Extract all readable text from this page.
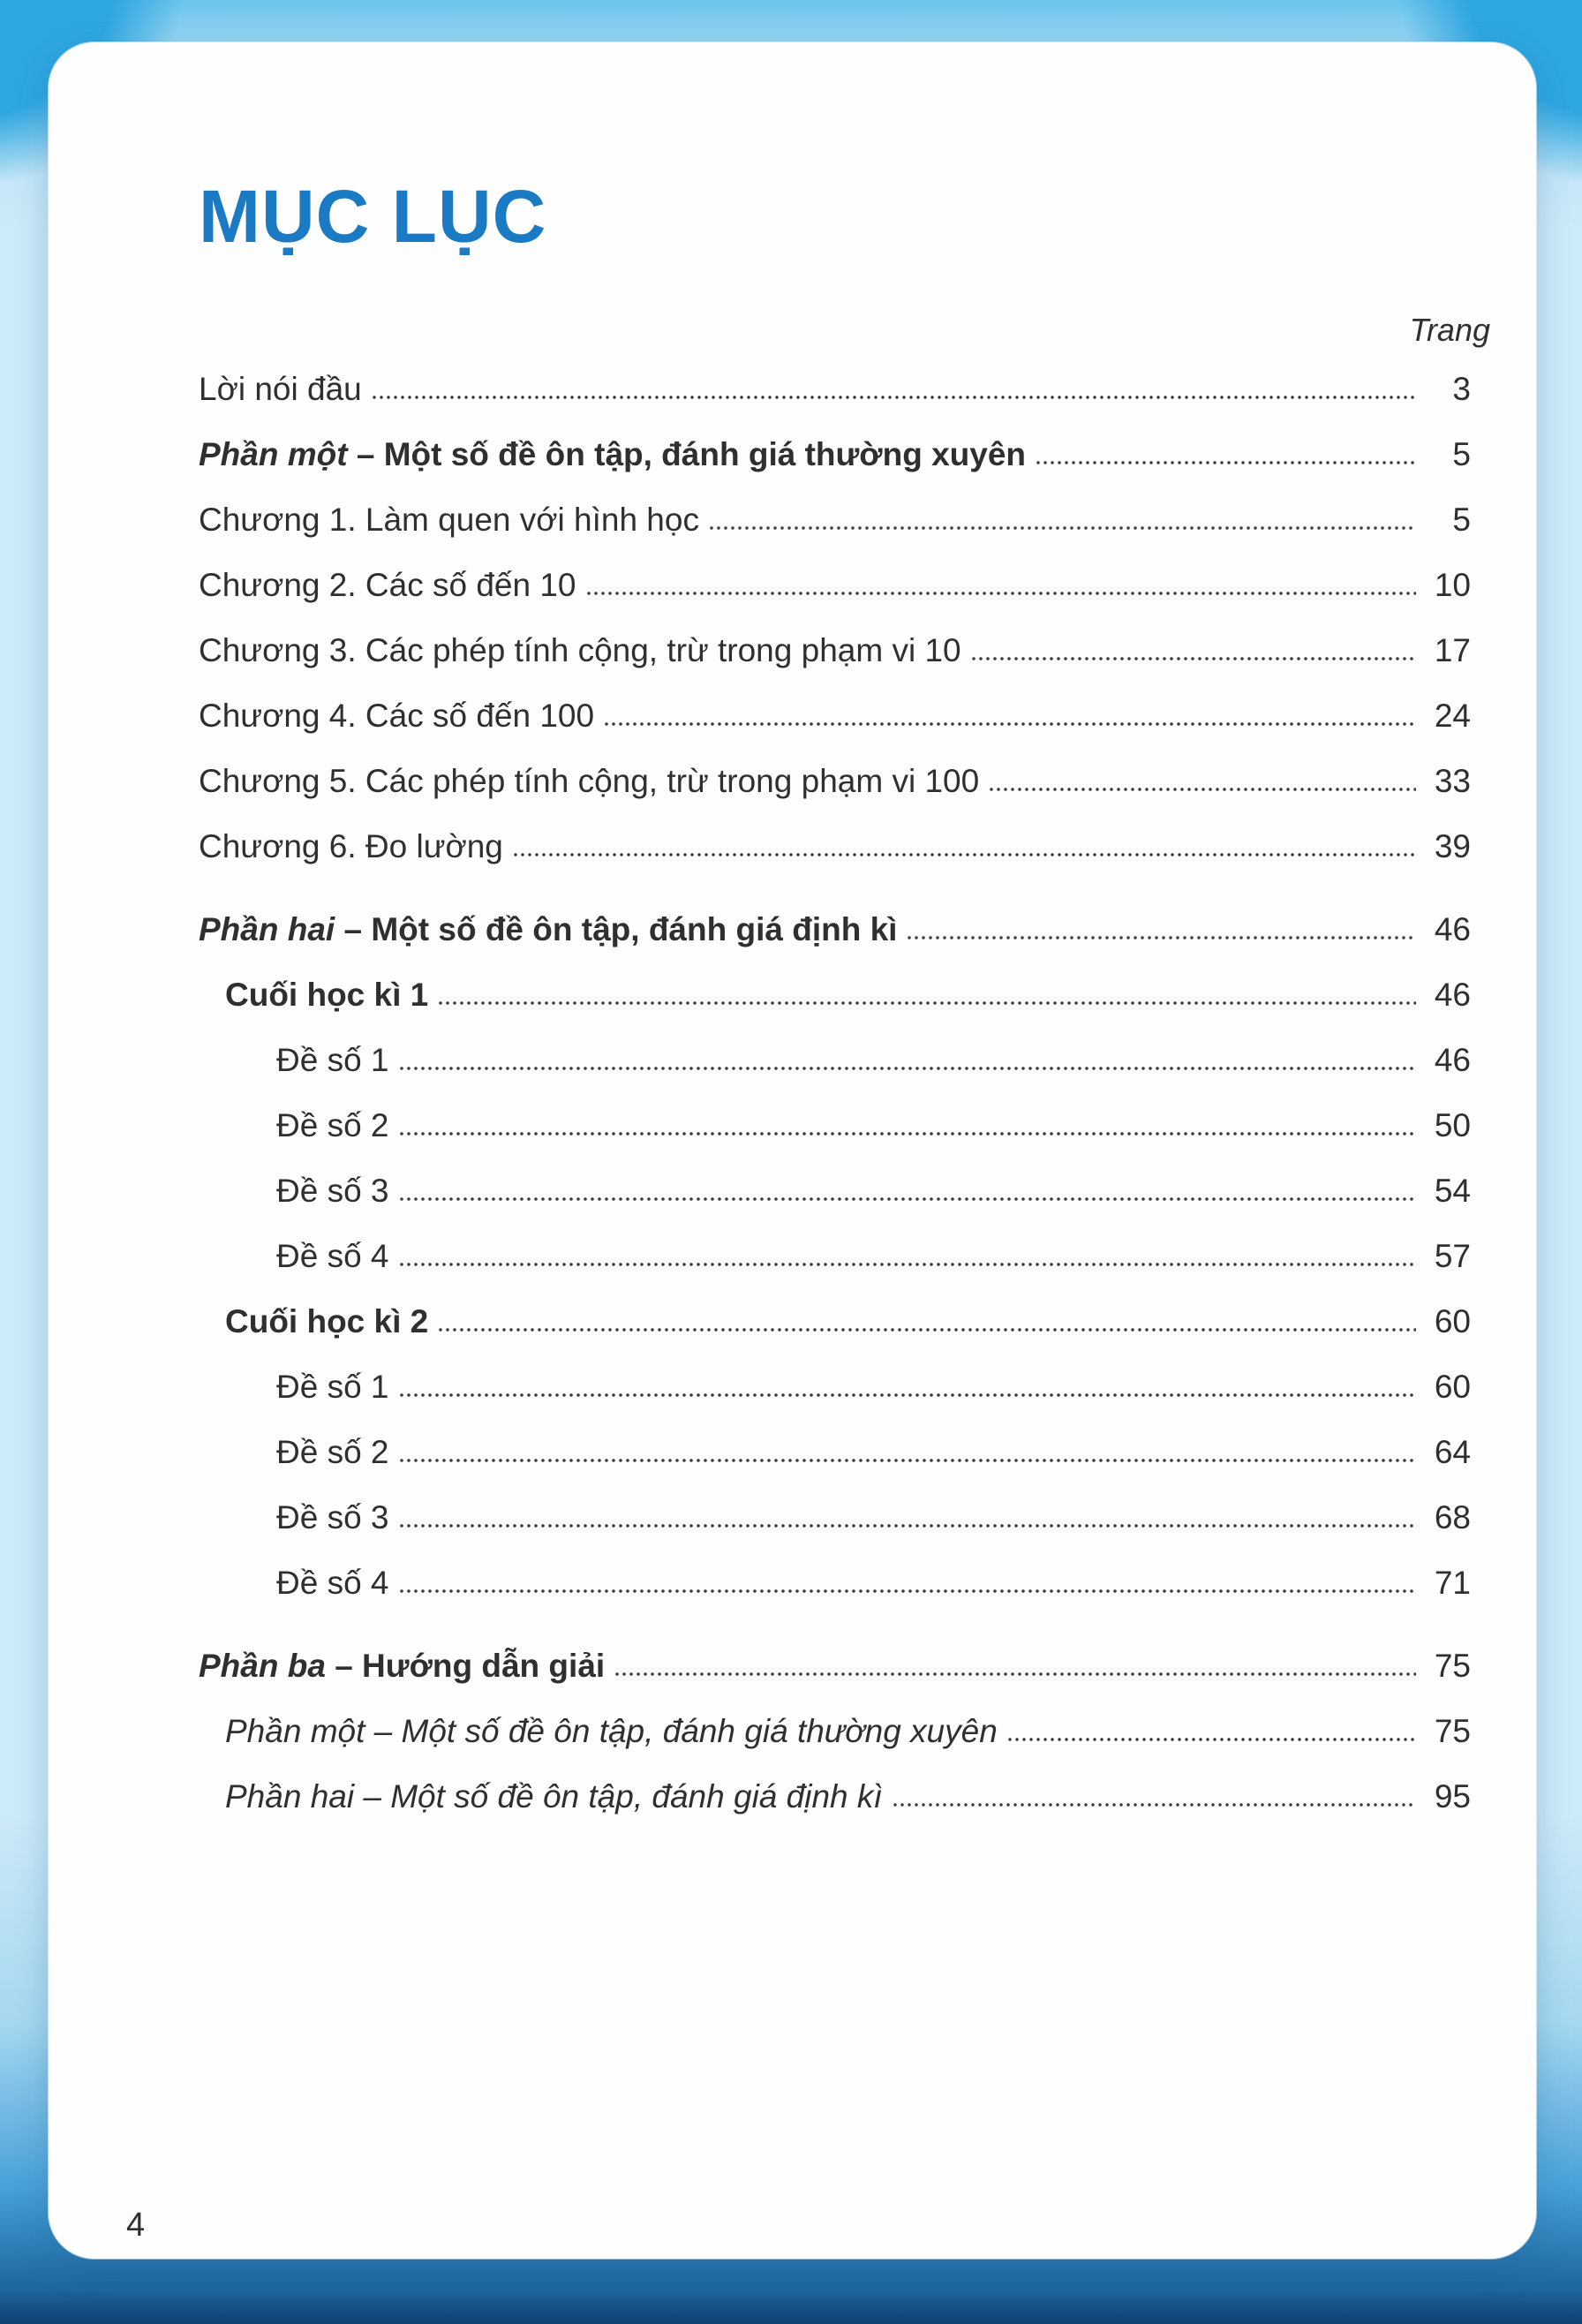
MỤC LỤC
Trang
Lời nói đầu	3
Phần một – Một số đề ôn tập, đánh giá thường xuyên	5
Chương 1. Làm quen với hình học	5
Chương 2. Các số đến 10	10
Chương 3. Các phép tính cộng, trừ trong phạm vi 10	17
Chương 4. Các số đến 100	24
Chương 5. Các phép tính cộng, trừ trong phạm vi 100	33
Chương 6. Đo lường	39
Phần hai – Một số đề ôn tập, đánh giá định kì	46
Cuối học kì 1	46
Đề số 1	46
Đề số 2	50
Đề số 3	54
Đề số 4	57
Cuối học kì 2	60
Đề số 1	60
Đề số 2	64
Đề số 3	68
Đề số 4	71
Phần ba – Hướng dẫn giải	75
Phần một – Một số đề ôn tập, đánh giá thường xuyên	75
Phần hai – Một số đề ôn tập, đánh giá định kì	95
4
